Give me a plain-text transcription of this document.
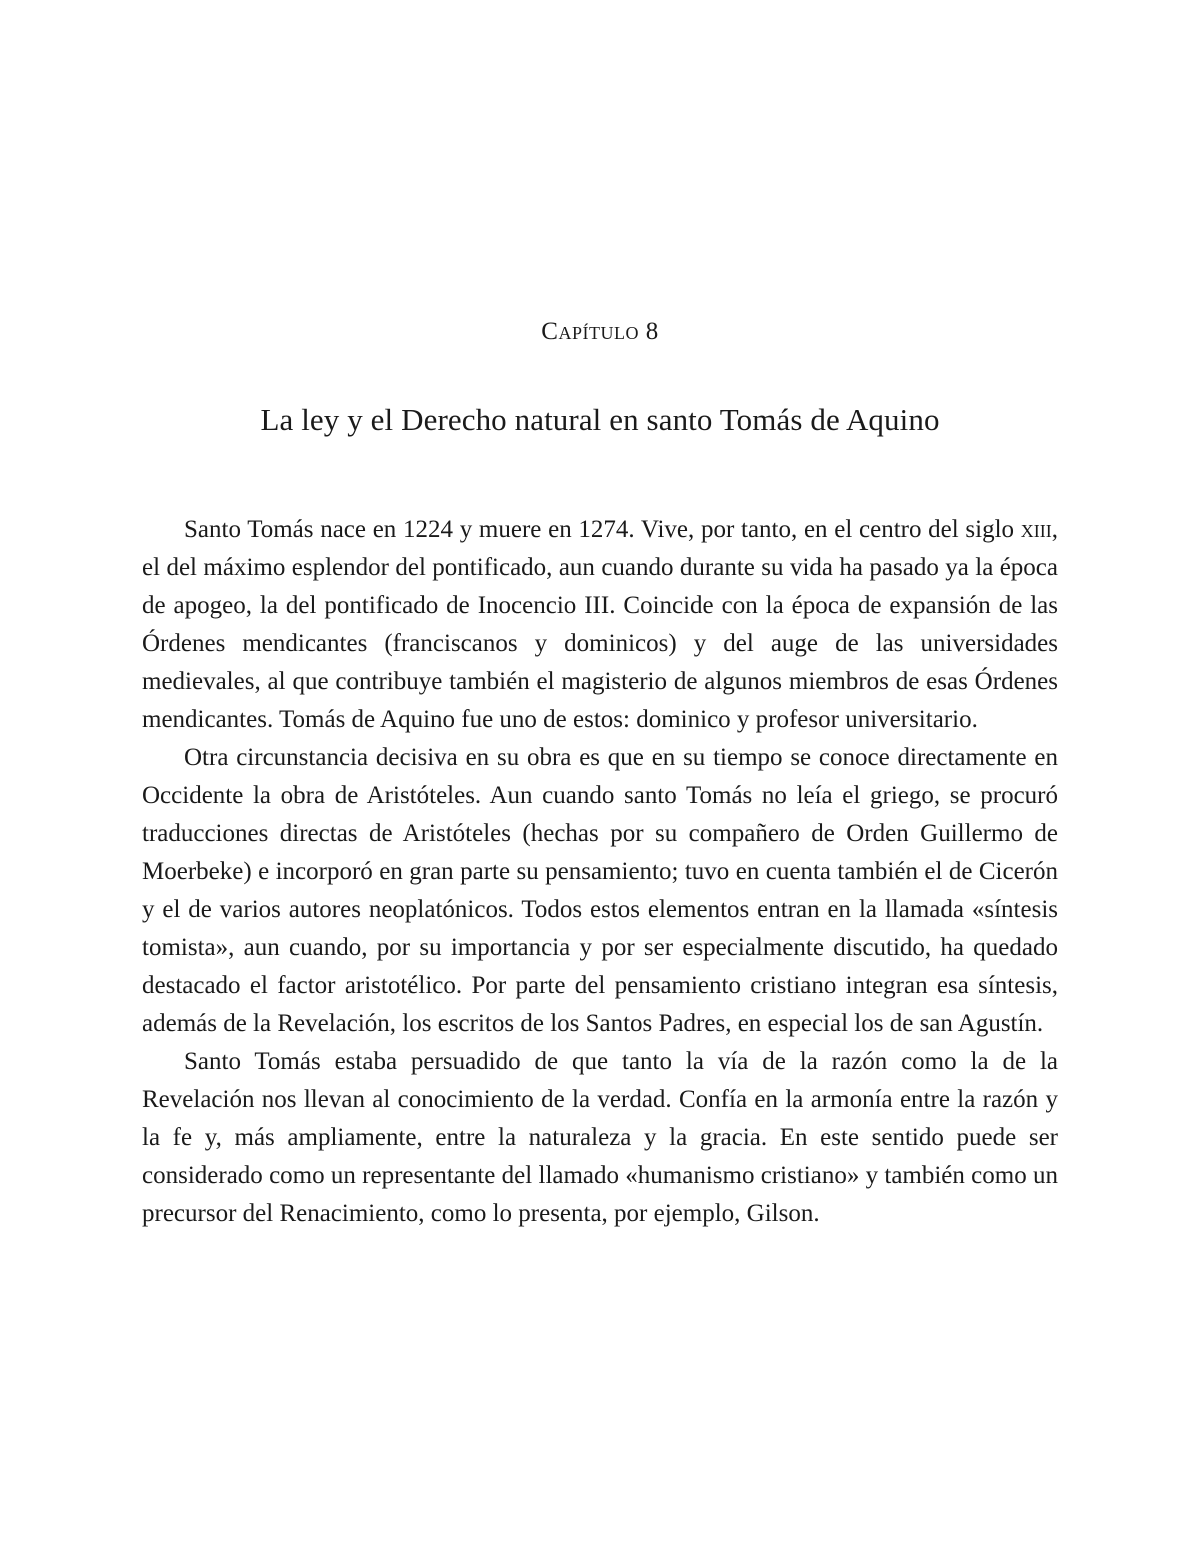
Capítulo 8
La ley y el Derecho natural en santo Tomás de Aquino

Santo Tomás nace en 1224 y muere en 1274. Vive, por tanto, en el centro del siglo xiii, el del máximo esplendor del pontificado, aun cuando durante su vida ha pasado ya la época de apogeo, la del pontificado de Inocencio III. Coincide con la época de expansión de las Órdenes mendicantes (franciscanos y dominicos) y del auge de las universidades medievales, al que contribuye también el magisterio de algunos miembros de esas Órdenes mendicantes. Tomás de Aquino fue uno de estos: dominico y profesor universitario.

Otra circunstancia decisiva en su obra es que en su tiempo se conoce directamente en Occidente la obra de Aristóteles. Aun cuando santo Tomás no leía el griego, se procuró traducciones directas de Aristóteles (hechas por su compañero de Orden Guillermo de Moerbeke) e incorporó en gran parte su pensamiento; tuvo en cuenta también el de Cicerón y el de varios autores neoplatónicos. Todos estos elementos entran en la llamada «síntesis tomista», aun cuando, por su importancia y por ser especialmente discutido, ha quedado destacado el factor aristotélico. Por parte del pensamiento cristiano integran esa síntesis, además de la Revelación, los escritos de los Santos Padres, en especial los de san Agustín.

Santo Tomás estaba persuadido de que tanto la vía de la razón como la de la Revelación nos llevan al conocimiento de la verdad. Confía en la armonía entre la razón y la fe y, más ampliamente, entre la naturaleza y la gracia. En este sentido puede ser considerado como un representante del llamado «humanismo cristiano» y también como un precursor del Renacimiento, como lo presenta, por ejemplo, Gilson.
